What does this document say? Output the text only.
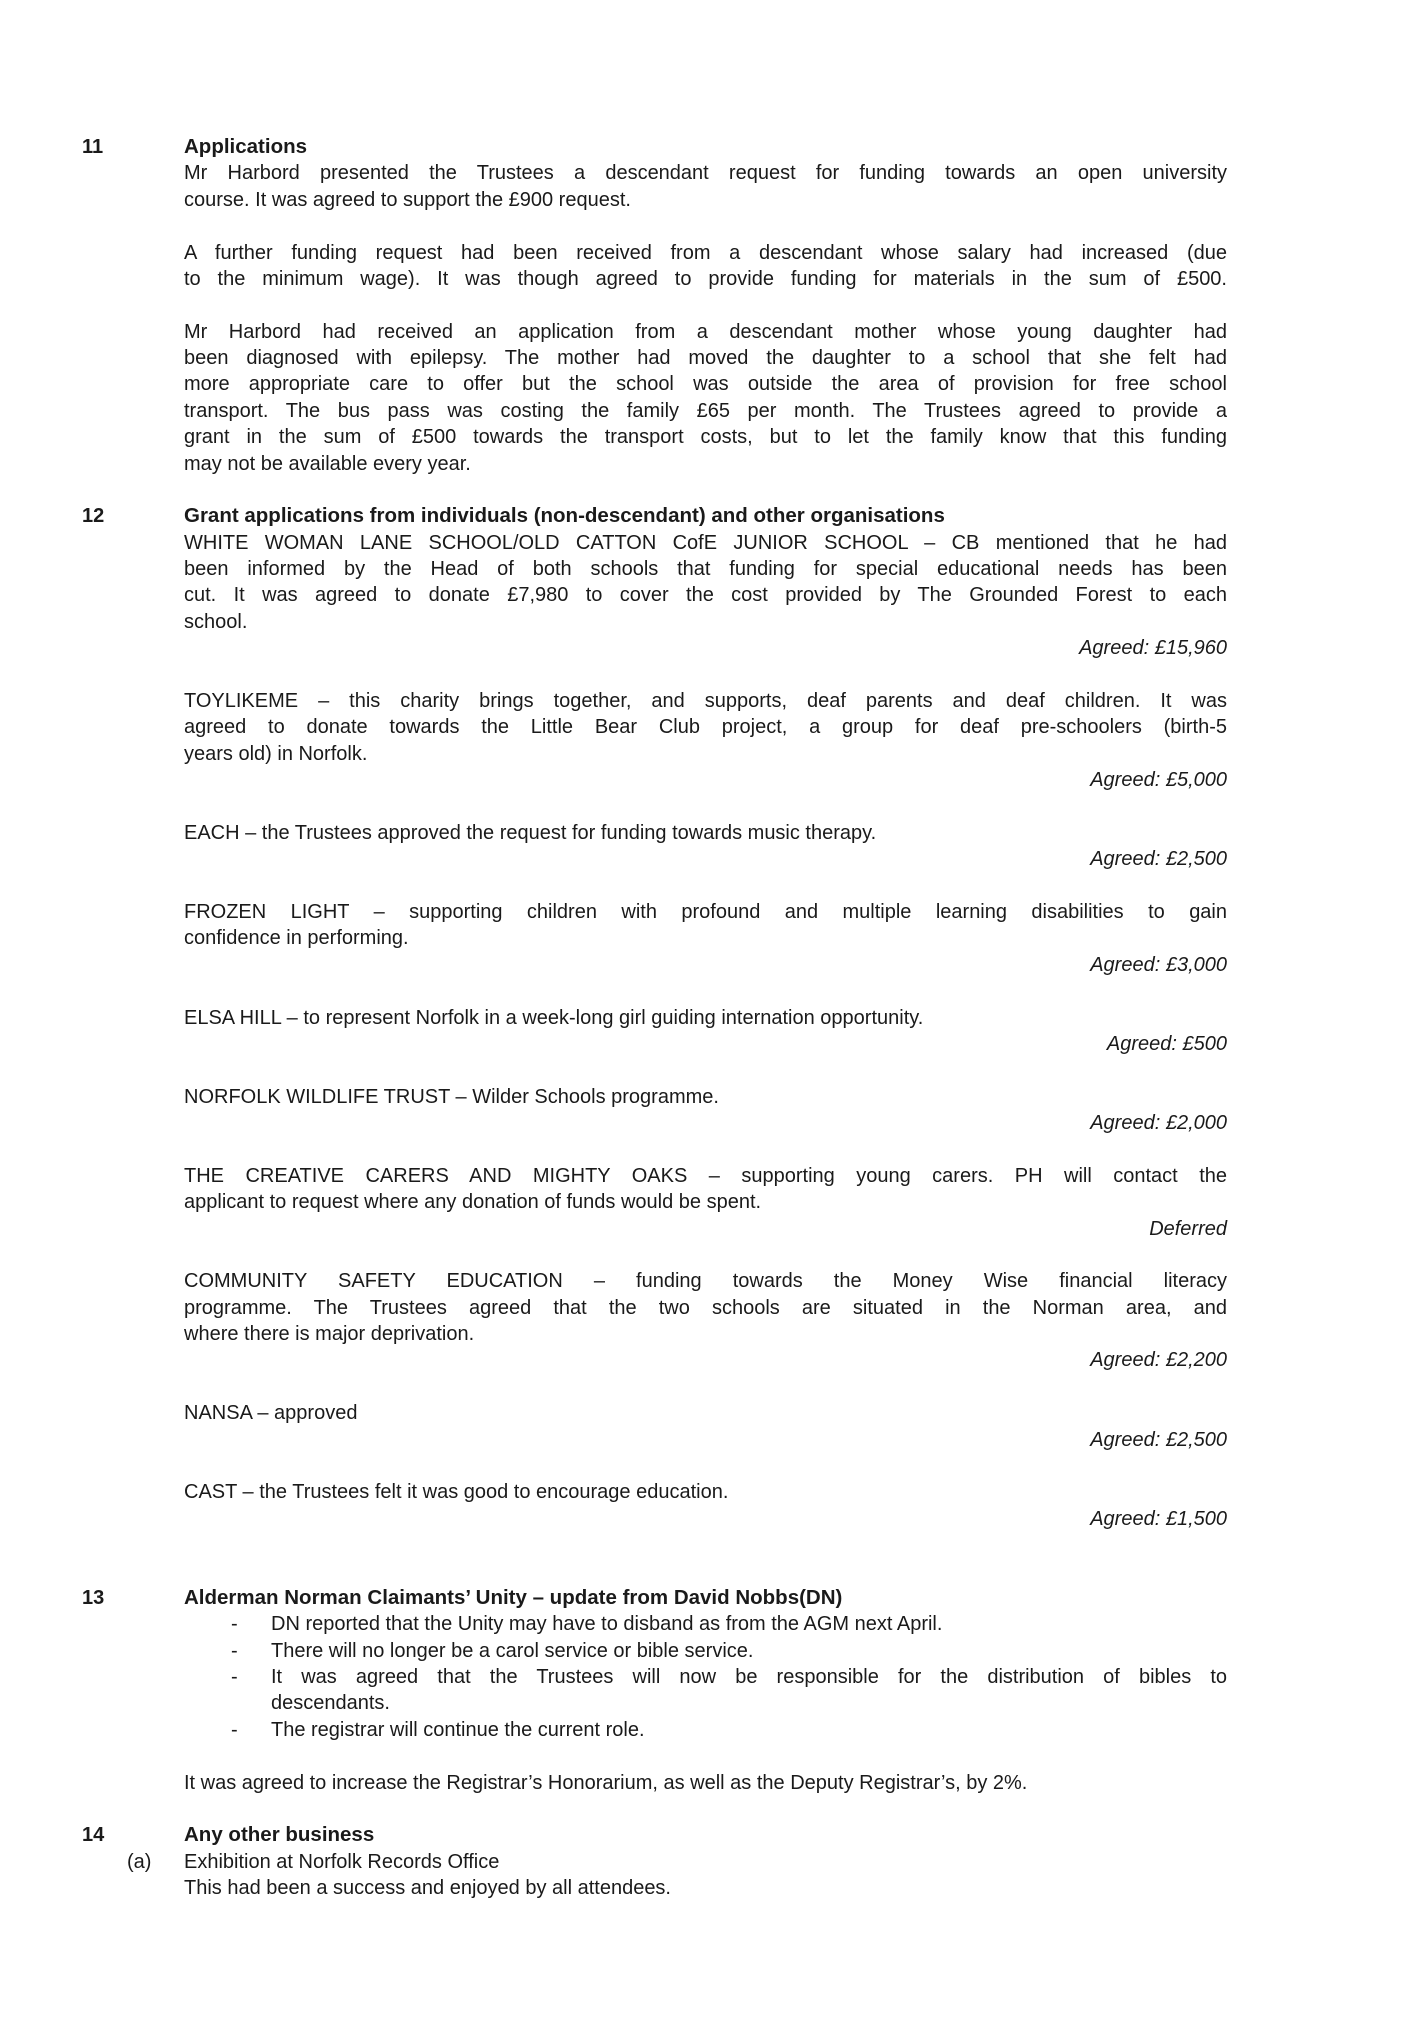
11	Applications
Mr Harbord presented the Trustees a descendant request for funding towards an open university
course. It was agreed to support the £900 request.
A further funding request had been received from a descendant whose salary had increased (due
to the minimum wage). It was though agreed to provide funding for materials in the sum of £500.
Mr Harbord had received an application from a descendant mother whose young daughter had
been diagnosed with epilepsy. The mother had moved the daughter to a school that she felt had
more appropriate care to offer but the school was outside the area of provision for free school
transport. The bus pass was costing the family £65 per month. The Trustees agreed to provide a
grant in the sum of £500 towards the transport costs, but to let the family know that this funding
may not be available every year.
12	Grant applications from individuals (non-descendant) and other organisations
WHITE WOMAN LANE SCHOOL/OLD CATTON CofE JUNIOR SCHOOL – CB mentioned that he had
been informed by the Head of both schools that funding for special educational needs has been
cut. It was agreed to donate £7,980 to cover the cost provided by The Grounded Forest to each
school.
Agreed: £15,960
TOYLIKEME – this charity brings together, and supports, deaf parents and deaf children. It was
agreed to donate towards the Little Bear Club project, a group for deaf pre-schoolers (birth-5
years old) in Norfolk.
Agreed: £5,000
EACH – the Trustees approved the request for funding towards music therapy.
Agreed: £2,500
FROZEN LIGHT – supporting children with profound and multiple learning disabilities to gain
confidence in performing.
Agreed: £3,000
ELSA HILL – to represent Norfolk in a week-long girl guiding internation opportunity.
Agreed: £500
NORFOLK WILDLIFE TRUST – Wilder Schools programme.
Agreed: £2,000
THE CREATIVE CARERS AND MIGHTY OAKS – supporting young carers. PH will contact the
applicant to request where any donation of funds would be spent.
Deferred
COMMUNITY SAFETY EDUCATION – funding towards the Money Wise financial literacy
programme. The Trustees agreed that the two schools are situated in the Norman area, and
where there is major deprivation.
Agreed: £2,200
NANSA – approved
Agreed: £2,500
CAST – the Trustees felt it was good to encourage education.
Agreed: £1,500
13	Alderman Norman Claimants’ Unity – update from David Nobbs(DN)
- DN reported that the Unity may have to disband as from the AGM next April.
- There will no longer be a carol service or bible service.
- It was agreed that the Trustees will now be responsible for the distribution of bibles to
descendants.
- The registrar will continue the current role.
It was agreed to increase the Registrar’s Honorarium, as well as the Deputy Registrar’s, by 2%.
14	Any other business
(a) Exhibition at Norfolk Records Office
This had been a success and enjoyed by all attendees.
